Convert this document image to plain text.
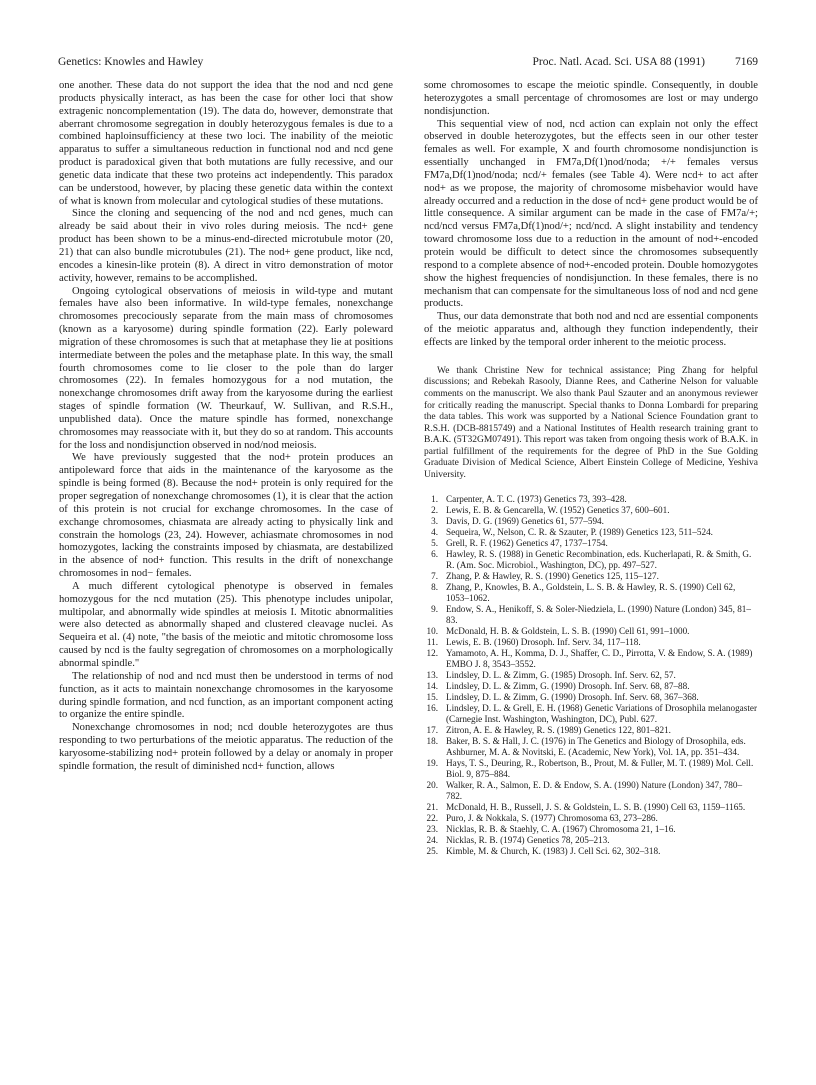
Genetics: Knowles and Hawley	Proc. Natl. Acad. Sci. USA 88 (1991)	7169

one another. These data do not support the idea that the nod and ncd gene products physically interact, as has been the case for other loci that show extragenic noncomplementation (19). The data do, however, demonstrate that aberrant chromosome segregation in doubly heterozygous females is due to a combined haploinsufficiency at these two loci. The inability of the meiotic apparatus to suffer a simultaneous reduction in functional nod and ncd gene product is paradoxical given that both mutations are fully recessive, and our genetic data indicate that these two proteins act independently. This paradox can be understood, however, by placing these genetic data within the context of what is known from molecular and cytological studies of these mutations.

Since the cloning and sequencing of the nod and ncd genes, much can already be said about their in vivo roles during meiosis. The ncd+ gene product has been shown to be a minus-end-directed microtubule motor (20, 21) that can also bundle microtubules (21). The nod+ gene product, like ncd, encodes a kinesin-like protein (8). A direct in vitro demonstration of motor activity, however, remains to be accomplished.

Ongoing cytological observations of meiosis in wild-type and mutant females have also been informative. In wild-type females, nonexchange chromosomes precociously separate from the main mass of chromosomes (known as a karyosome) during spindle formation (22). Early poleward migration of these chromosomes is such that at metaphase they lie at positions intermediate between the poles and the metaphase plate. In this way, the small fourth chromosomes come to lie closer to the pole than do larger chromosomes (22). In females homozygous for a nod mutation, the nonexchange chromosomes drift away from the karyosome during the earliest stages of spindle formation (W. Theurkauf, W. Sullivan, and R.S.H., unpublished data). Once the mature spindle has formed, nonexchange chromosomes may reassociate with it, but they do so at random. This accounts for the loss and nondisjunction observed in nod/nod meiosis.

We have previously suggested that the nod+ protein produces an antipoleward force that aids in the maintenance of the karyosome as the spindle is being formed (8). Because the nod+ protein is only required for the proper segregation of nonexchange chromosomes (1), it is clear that the action of this protein is not crucial for exchange chromosomes. In the case of exchange chromosomes, chiasmata are already acting to physically link and constrain the homologs (23, 24). However, achiasmate chromosomes in nod homozygotes, lacking the constraints imposed by chiasmata, are destabilized in the absence of nod+ function. This results in the drift of nonexchange chromosomes in nod− females.

A much different cytological phenotype is observed in females homozygous for the ncd mutation (25). This phenotype includes unipolar, multipolar, and abnormally wide spindles at meiosis I. Mitotic abnormalities were also detected as abnormally shaped and clustered cleavage nuclei. As Sequeira et al. (4) note, "the basis of the meiotic and mitotic chromosome loss caused by ncd is the faulty segregation of chromosomes on a morphologically abnormal spindle."

The relationship of nod and ncd must then be understood in terms of nod function, as it acts to maintain nonexchange chromosomes in the karyosome during spindle formation, and ncd function, as an important component acting to organize the entire spindle.

Nonexchange chromosomes in nod; ncd double heterozygotes are thus responding to two perturbations of the meiotic apparatus. The reduction of the karyosome-stabilizing nod+ protein followed by a delay or anomaly in proper spindle formation, the result of diminished ncd+ function, allows

some chromosomes to escape the meiotic spindle. Consequently, in double heterozygotes a small percentage of chromosomes are lost or may undergo nondisjunction.

This sequential view of nod, ncd action can explain not only the effect observed in double heterozygotes, but the effects seen in our other tester females as well. For example, X and fourth chromosome nondisjunction is essentially unchanged in FM7a,Df(1)nod/noda; +/+ females versus FM7a,Df(1)nod/noda; ncd/+ females (see Table 4). Were ncd+ to act after nod+ as we propose, the majority of chromosome misbehavior would have already occurred and a reduction in the dose of ncd+ gene product would be of little consequence. A similar argument can be made in the case of FM7a/+; ncd/ncd versus FM7a,Df(1)nod/+; ncd/ncd. A slight instability and tendency toward chromosome loss due to a reduction in the amount of nod+-encoded protein would be difficult to detect since the chromosomes subsequently respond to a complete absence of nod+-encoded protein. Double homozygotes show the highest frequencies of nondisjunction. In these females, there is no mechanism that can compensate for the simultaneous loss of nod and ncd gene products.

Thus, our data demonstrate that both nod and ncd are essential components of the meiotic apparatus and, although they function independently, their effects are linked by the temporal order inherent to the meiotic process.

We thank Christine New for technical assistance; Ping Zhang for helpful discussions; and Rebekah Rasooly, Dianne Rees, and Catherine Nelson for valuable comments on the manuscript. We also thank Paul Szauter and an anonymous reviewer for critically reading the manuscript. Special thanks to Donna Lombardi for preparing the data tables. This work was supported by a National Science Foundation grant to R.S.H. (DCB-8815749) and a National Institutes of Health research training grant to B.A.K. (5T32GM07491). This report was taken from ongoing thesis work of B.A.K. in partial fulfillment of the requirements for the degree of PhD in the Sue Golding Graduate Division of Medical Science, Albert Einstein College of Medicine, Yeshiva University.

1. Carpenter, A. T. C. (1973) Genetics 73, 393–428.
2. Lewis, E. B. & Gencarella, W. (1952) Genetics 37, 600–601.
3. Davis, D. G. (1969) Genetics 61, 577–594.
4. Sequeira, W., Nelson, C. R. & Szauter, P. (1989) Genetics 123, 511–524.
5. Grell, R. F. (1962) Genetics 47, 1737–1754.
6. Hawley, R. S. (1988) in Genetic Recombination, eds. Kucherlapati, R. & Smith, G. R. (Am. Soc. Microbiol., Washington, DC), pp. 497–527.
7. Zhang, P. & Hawley, R. S. (1990) Genetics 125, 115–127.
8. Zhang, P., Knowles, B. A., Goldstein, L. S. B. & Hawley, R. S. (1990) Cell 62, 1053–1062.
9. Endow, S. A., Henikoff, S. & Soler-Niedziela, L. (1990) Nature (London) 345, 81–83.
10. McDonald, H. B. & Goldstein, L. S. B. (1990) Cell 61, 991–1000.
11. Lewis, E. B. (1960) Drosoph. Inf. Serv. 34, 117–118.
12. Yamamoto, A. H., Komma, D. J., Shaffer, C. D., Pirrotta, V. & Endow, S. A. (1989) EMBO J. 8, 3543–3552.
13. Lindsley, D. L. & Zimm, G. (1985) Drosoph. Inf. Serv. 62, 57.
14. Lindsley, D. L. & Zimm, G. (1990) Drosoph. Inf. Serv. 68, 87–88.
15. Lindsley, D. L. & Zimm, G. (1990) Drosoph. Inf. Serv. 68, 367–368.
16. Lindsley, D. L. & Grell, E. H. (1968) Genetic Variations of Drosophila melanogaster (Carnegie Inst. Washington, Washington, DC), Publ. 627.
17. Zitron, A. E. & Hawley, R. S. (1989) Genetics 122, 801–821.
18. Baker, B. S. & Hall, J. C. (1976) in The Genetics and Biology of Drosophila, eds. Ashburner, M. A. & Novitski, E. (Academic, New York), Vol. 1A, pp. 351–434.
19. Hays, T. S., Deuring, R., Robertson, B., Prout, M. & Fuller, M. T. (1989) Mol. Cell. Biol. 9, 875–884.
20. Walker, R. A., Salmon, E. D. & Endow, S. A. (1990) Nature (London) 347, 780–782.
21. McDonald, H. B., Russell, J. S. & Goldstein, L. S. B. (1990) Cell 63, 1159–1165.
22. Puro, J. & Nokkala, S. (1977) Chromosoma 63, 273–286.
23. Nicklas, R. B. & Staehly, C. A. (1967) Chromosoma 21, 1–16.
24. Nicklas, R. B. (1974) Genetics 78, 205–213.
25. Kimble, M. & Church, K. (1983) J. Cell Sci. 62, 302–318.
